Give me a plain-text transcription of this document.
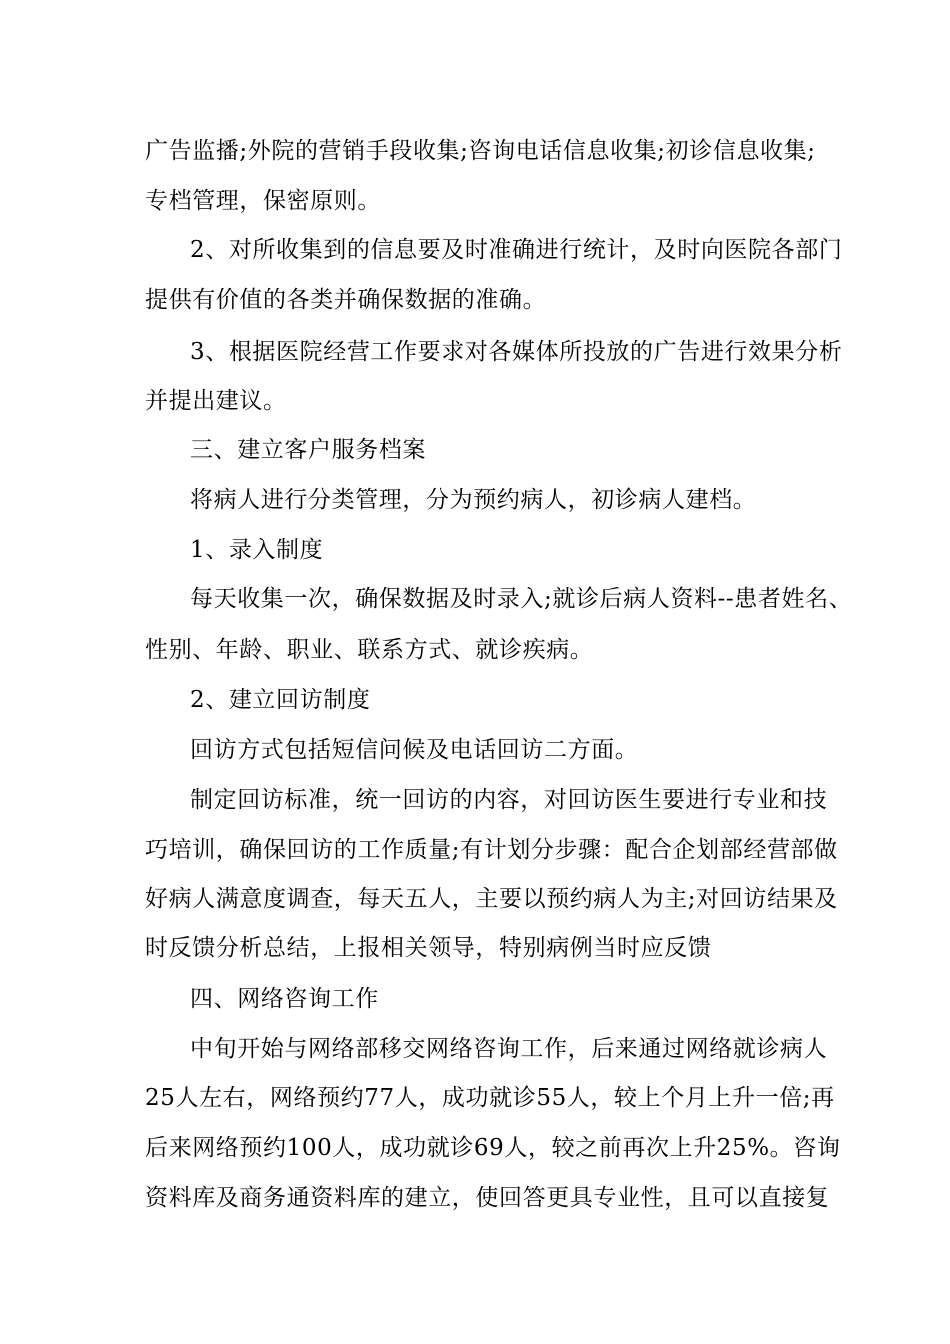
广告监播;外院的营销手段收集;咨询电话信息收集;初诊信息收集;
专档管理，保密原则。
2、对所收集到的信息要及时准确进行统计，及时向医院各部门
提供有价值的各类并确保数据的准确。
3、根据医院经营工作要求对各媒体所投放的广告进行效果分析
并提出建议。
三、建立客户服务档案
将病人进行分类管理，分为预约病人，初诊病人建档。
1、录入制度
每天收集一次，确保数据及时录入;就诊后病人资料--患者姓名、
性别、年龄、职业、联系方式、就诊疾病。
2、建立回访制度
回访方式包括短信问候及电话回访二方面。
制定回访标准，统一回访的内容，对回访医生要进行专业和技
巧培训，确保回访的工作质量;有计划分步骤：配合企划部经营部做
好病人满意度调查，每天五人，主要以预约病人为主;对回访结果及
时反馈分析总结，上报相关领导，特别病例当时应反馈
四、网络咨询工作
中旬开始与网络部移交网络咨询工作，后来通过网络就诊病人
25人左右，网络预约77人，成功就诊55人，较上个月上升一倍;再
后来网络预约100人，成功就诊69人，较之前再次上升25%。咨询
资料库及商务通资料库的建立，使回答更具专业性，且可以直接复
